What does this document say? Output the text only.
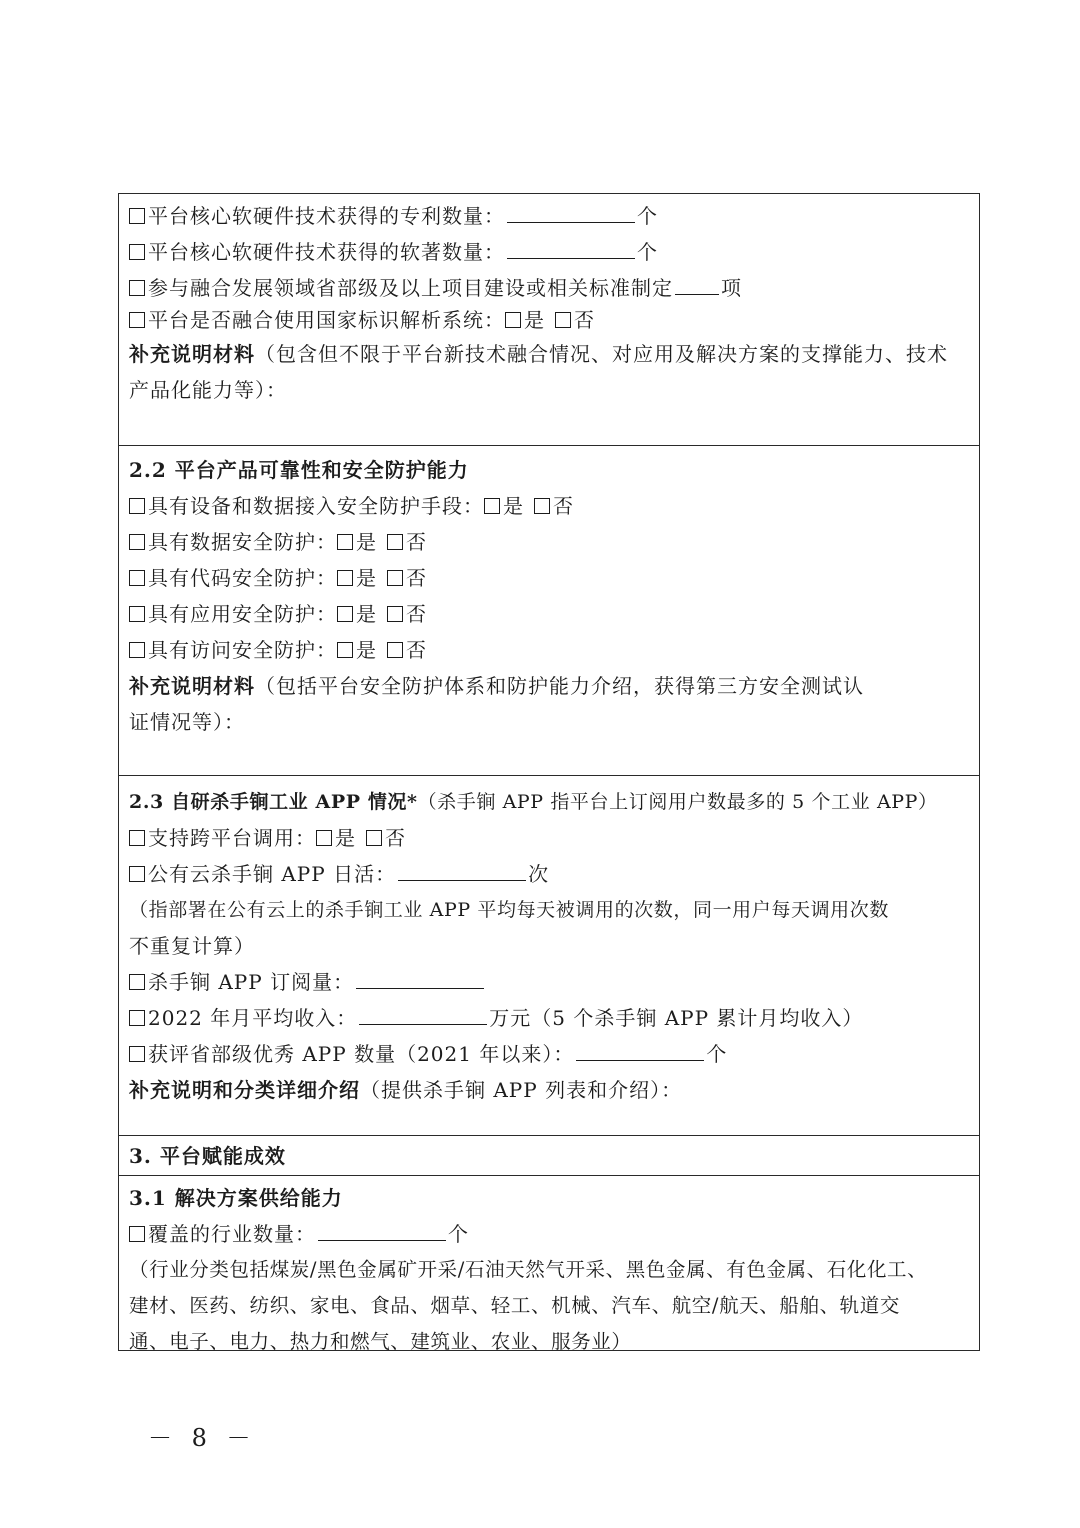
平台核心软硬件技术获得的专利数量：	个
平台核心软硬件技术获得的软著数量：	个
参与融合发展领域省部级及以上项目建设或相关标准制定 项
平台是否融合使用国家标识解析系统： 是 否
补充说明材料（包含但不限于平台新技术融合情况、对应用及解决方案的支撑能力、技术
产品化能力等）：
2.2 平台产品可靠性和安全防护能力
具有设备和数据接入安全防护手段： 是 否
具有数据安全防护： 是 否
具有代码安全防护： 是 否
具有应用安全防护： 是 否
具有访问安全防护： 是 否
补充说明材料（包括平台安全防护体系和防护能力介绍，获得第三方安全测试认
证情况等）：
2.3 自研杀手锏工业 APP 情况*（杀手锏 APP 指平台上订阅用户数最多的 5 个工业 APP）
支持跨平台调用： 是 否
公有云杀手锏 APP 日活：	次
（指部署在公有云上的杀手锏工业 APP 平均每天被调用的次数，同一用户每天调用次数
不重复计算）
杀手锏 APP 订阅量：
2022 年月平均收入：	万元（5 个杀手锏 APP 累计月均收入）
获评省部级优秀 APP 数量（2021 年以来）：	个
补充说明和分类详细介绍（提供杀手锏 APP 列表和介绍）：
3. 平台赋能成效
3.1 解决方案供给能力
覆盖的行业数量：	个
（行业分类包括煤炭/黑色金属矿开采/石油天然气开采、黑色金属、有色金属、石化化工、
建材、医药、纺织、家电、食品、烟草、轻工、机械、汽车、航空/航天、船舶、轨道交
通、电子、电力、热力和燃气、建筑业、农业、服务业）
－ 8 －
